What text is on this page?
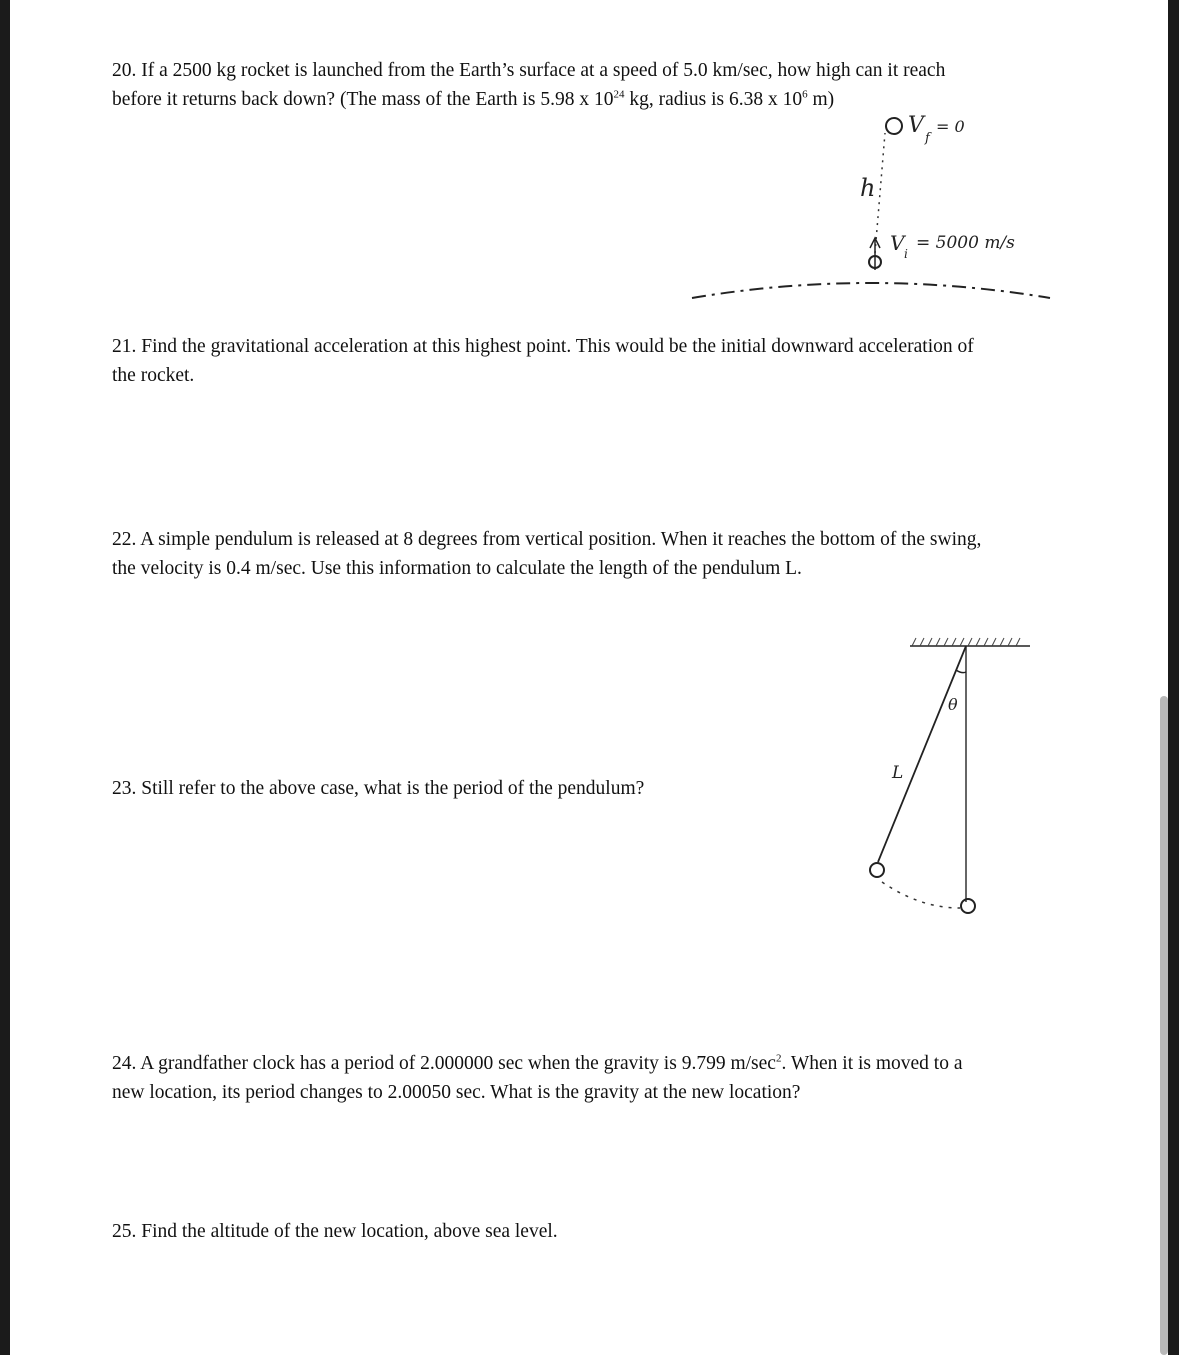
20. If a 2500 kg rocket is launched from the Earth’s surface at a speed of 5.0 km/sec, how high can it reach
before it returns back down? (The mass of the Earth is 5.98 x $10^{24}$ kg, radius is 6.38 x $10^6$ m)

V
f
= 0
h
V i
= 5000 m/s

21. Find the gravitational acceleration at this highest point. This would be the initial downward acceleration of
the rocket.

22. A simple pendulum is released at 8 degrees from vertical position. When it reaches the bottom of the swing,
the velocity is 0.4 m/sec. Use this information to calculate the length of the pendulum L.

θ
L

23. Still refer to the above case, what is the period of the pendulum?

24. A grandfather clock has a period of 2.000000 sec when the gravity is 9.799 $m/\sec^2$. When it is moved to a
new location, its period changes to 2.00050 sec. What is the gravity at the new location?

25. Find the altitude of the new location, above sea level.
